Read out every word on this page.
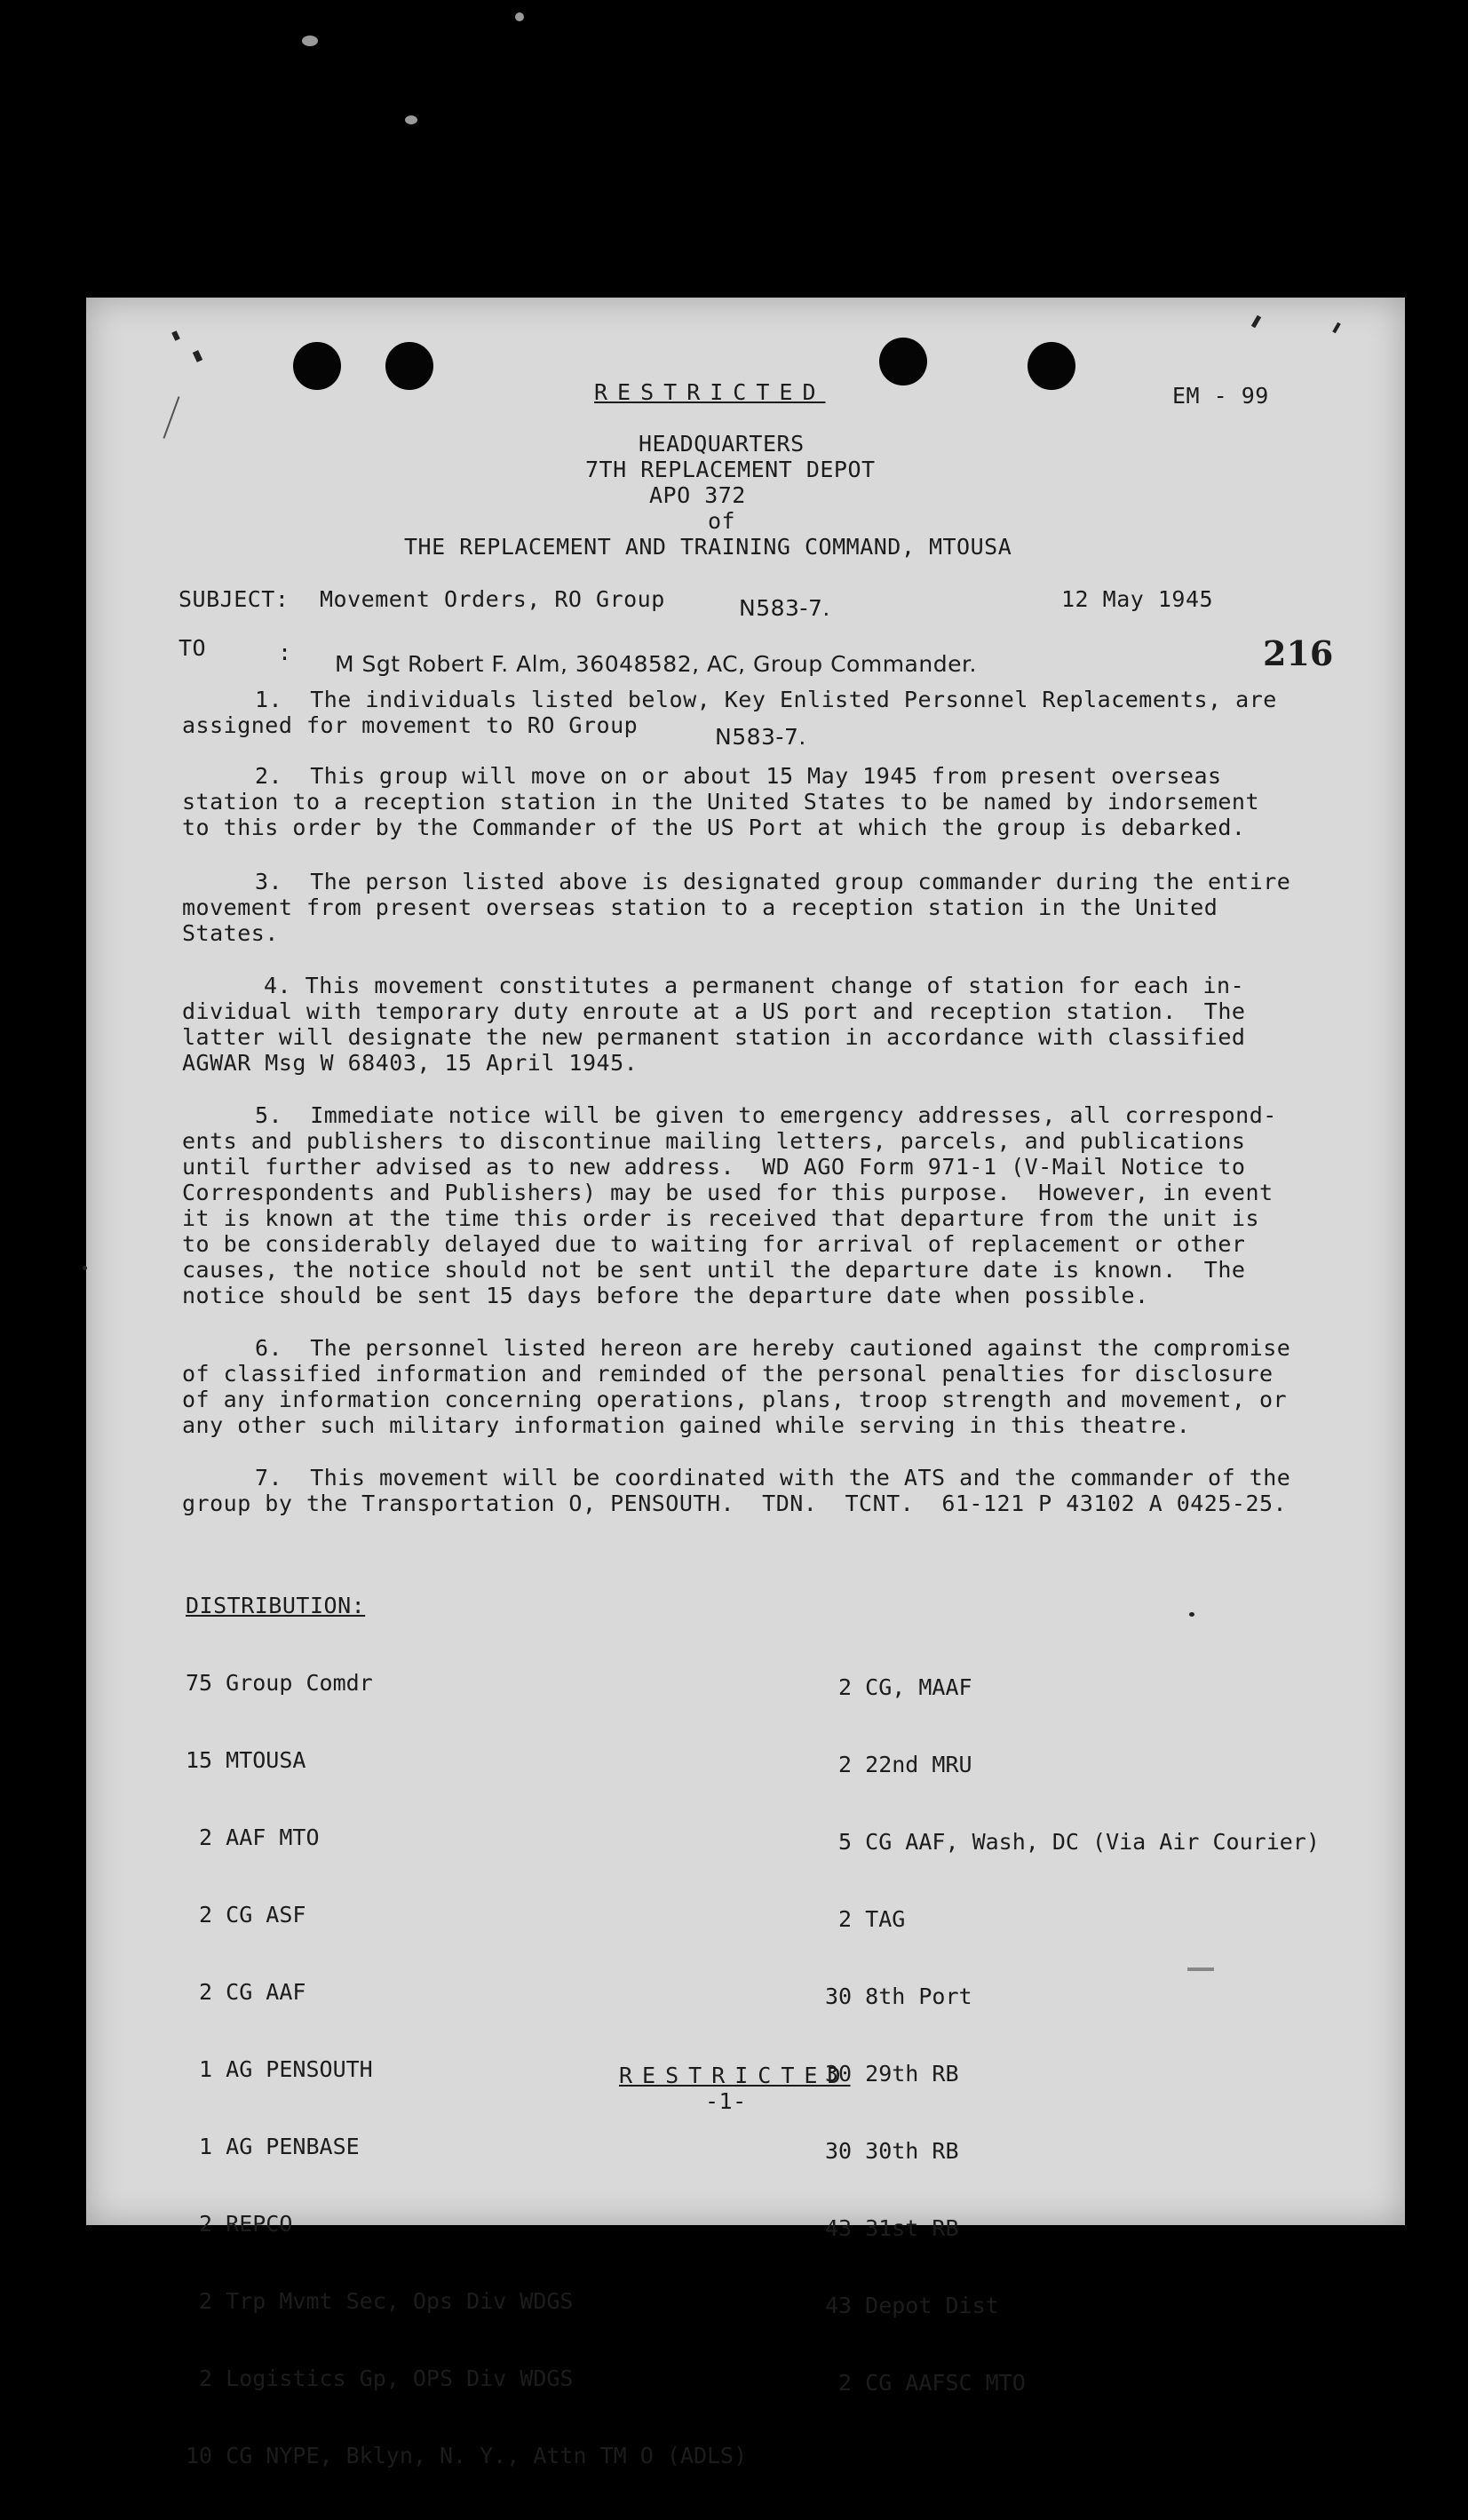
RESTRICTED	EM - 99
HEADQUARTERS
7TH REPLACEMENT DEPOT
APO 372
of
THE REPLACEMENT AND TRAINING COMMAND, MTOUSA
SUBJECT: Movement Orders, RO Group	N583-7.	12 May 1945
TO	: M Sgt Robert F. Alm, 36048582, AC, Group Commander.	216
1.  The individuals listed below, Key Enlisted Personnel Replacements, are
assigned for movement to RO Group	N583-7.
2.  This group will move on or about 15 May 1945 from present overseas
station to a reception station in the United States to be named by indorsement
to this order by the Commander of the US Port at which the group is debarked.
3.  The person listed above is designated group commander during the entire
movement from present overseas station to a reception station in the United
States.
4. This movement constitutes a permanent change of station for each in-
dividual with temporary duty enroute at a US port and reception station.  The
latter will designate the new permanent station in accordance with classified
AGWAR Msg W 68403, 15 April 1945.
5.  Immediate notice will be given to emergency addresses, all correspond-
ents and publishers to discontinue mailing letters, parcels, and publications
until further advised as to new address.  WD AGO Form 971-1 (V-Mail Notice to
Correspondents and Publishers) may be used for this purpose.  However, in event
it is known at the time this order is received that departure from the unit is
to be considerably delayed due to waiting for arrival of replacement or other
causes, the notice should not be sent until the departure date is known.  The
notice should be sent 15 days before the departure date when possible.
6.  The personnel listed hereon are hereby cautioned against the compromise
of classified information and reminded of the personal penalties for disclosure
of any information concerning operations, plans, troop strength and movement, or
any other such military information gained while serving in this theatre.
7.  This movement will be coordinated with the ATS and the commander of the
group by the Transportation O, PENSOUTH.  TDN.  TCNT.  61-121 P 43102 A 0425-25.
DISTRIBUTION:

75 Group Comdr

15 MTOUSA

2 AAF MTO

2 CG ASF

2 CG AAF

1 AG PENSOUTH

1 AG PENBASE

2 REPCO

2 Trp Mvmt Sec, Ops Div WDGS

2 Logistics Gp, OPS Div WDGS

10 CG NYPE, Bklyn, N. Y., Attn TM O (ADLS)

2 CG, MAAF

2 22nd MRU

5 CG AAF, Wash, DC (Via Air Courier)

2 TAG

30 8th Port

30 29th RB

30 30th RB

43 31st RB

43 Depot Dist

2 CG AAFSC MTO

RESTRICTED
-1-
